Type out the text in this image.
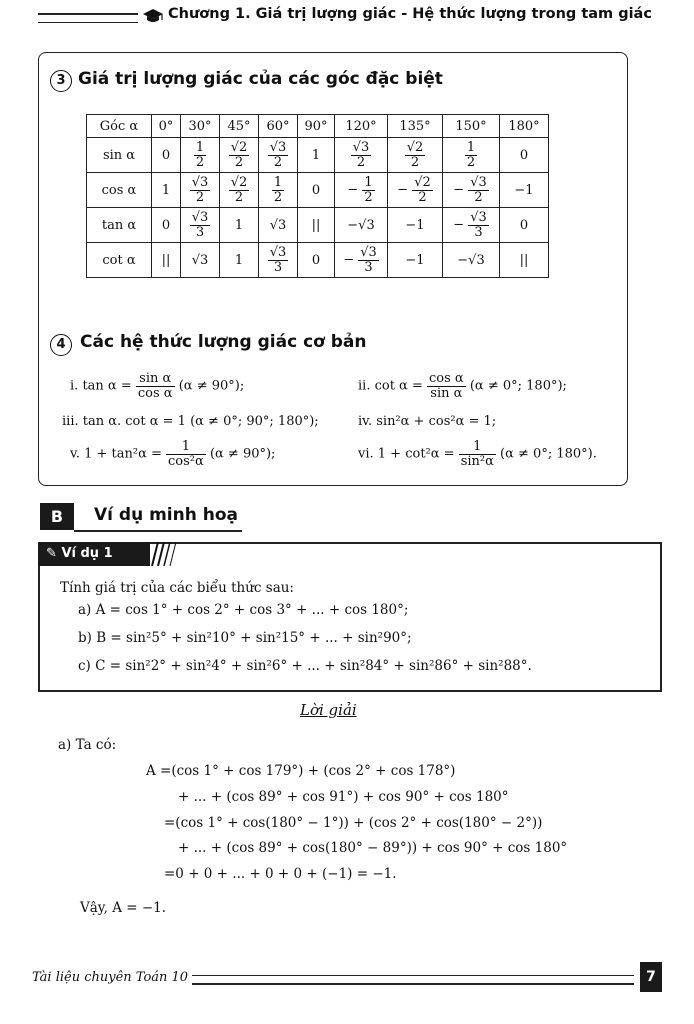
Chương 1. Giá trị lượng giác - Hệ thức lượng trong tam giác
3 Giá trị lượng giác của các góc đặc biệt
Góc α	0°	30°	45°	60°	90°	120°	135°	150°	180°
sin α	0	$\frac{1}{2}$	$\frac{√2}{2}$	$\frac{√3}{2}$	1	$\frac{√3}{2}$	$\frac{√2}{2}$	$\frac{1}{2}$	0
cos α	1	$\frac{√3}{2}$	$\frac{√2}{2}$	$\frac{1}{2}$	0	− $\frac{1}{2}$	− $\frac{√2}{2}$	− $\frac{√3}{2}$	−1
tan α	0	$\frac{√3}{3}$	1	√3	||	−√3	−1	− $\frac{√3}{3}$	0
cot α	||	√3	1	$\frac{√3}{3}$	0	− $\frac{√3}{3}$	−1	−√3	||
4 Các hệ thức lượng giác cơ bản
i. $\tan \alpha = \frac{\text{sin α}}{\text{cos α}} (\alpha \ne 90^\circ)$;	ii. $\cot \alpha = \frac{\text{cos α}}{\text{sin α}} (\alpha \ne 0^\circ$; 180°);
iii. tan α. cot α = 1 (α ≠ 0°; 90°; 180°);	iv. sin²α + cos²α = 1;
v. $1 + \tan^2\alpha = \frac{1}{\text{cos²α}} (\alpha \ne 90^\circ)$;	vi. $1 + \cot^2\alpha = \frac{1}{\text{sin²α}} (\alpha \ne 0^\circ$; 180°).
B	Ví dụ minh hoạ
✎ Ví dụ 1
Tính giá trị của các biểu thức sau:
a) A = cos 1° + cos 2° + cos 3° + ... + cos 180°;
b) B = sin²5° + sin²10° + sin²15° + ... + sin²90°;
c) C = sin²2° + sin²4° + sin²6° + ... + sin²84° + sin²86° + sin²88°.
Lời giải
a) Ta có:
A =(cos 1° + cos 179°) + (cos 2° + cos 178°)
+ ... + (cos 89° + cos 91°) + cos 90° + cos 180°
=(cos 1° + cos(180° − 1°)) + (cos 2° + cos(180° − 2°))
+ ... + (cos 89° + cos(180° − 89°)) + cos 90° + cos 180°
=0 + 0 + ... + 0 + 0 + (−1) = −1.
Vậy, A = −1.
Tài liệu chuyên Toán 10	7
